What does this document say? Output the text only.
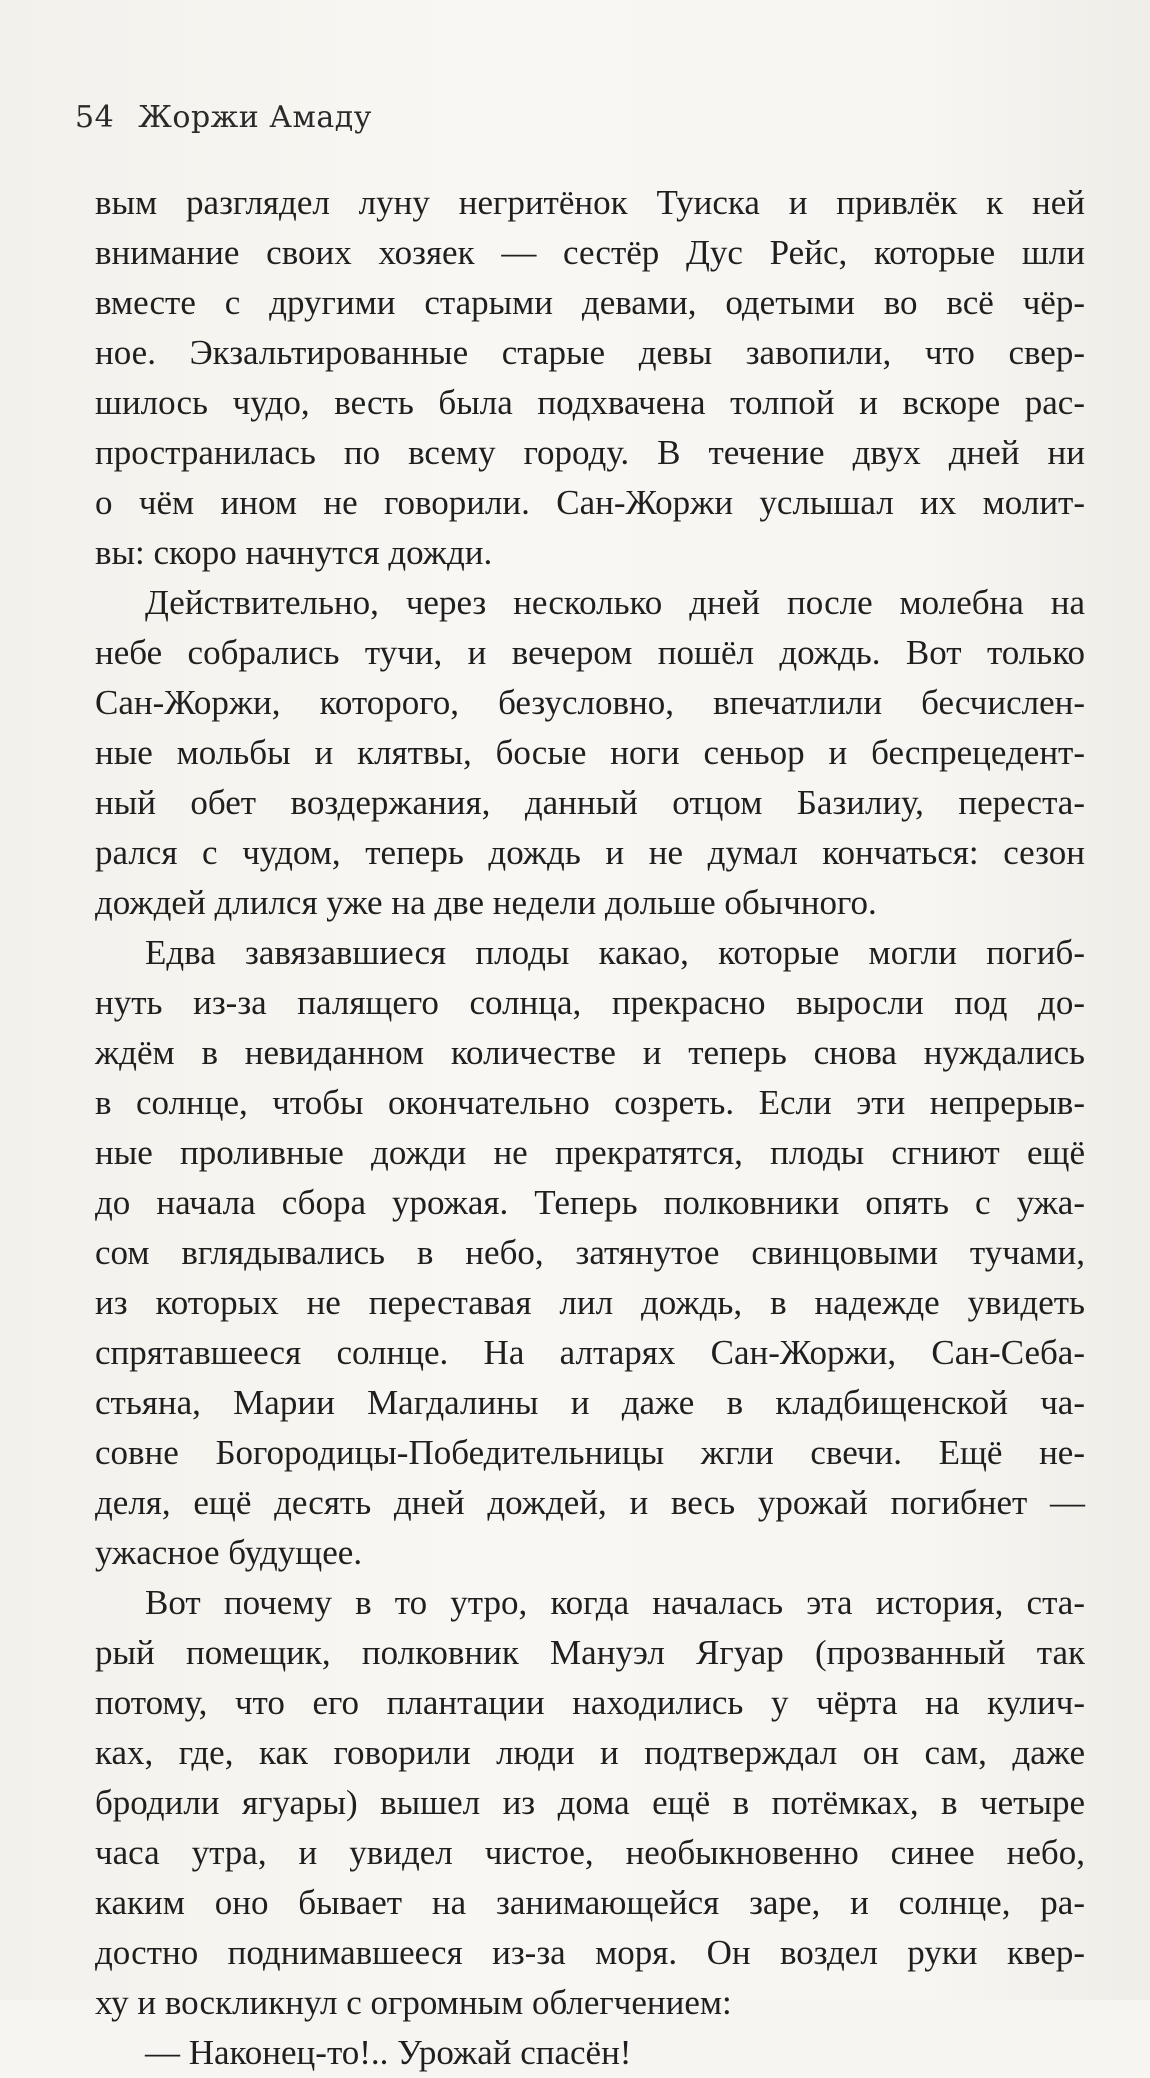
54 Жоржи Амаду
вым разглядел луну негритёнок Туиска и привлёк к ней
внимание своих хозяек — сестёр Дус Рейс, которые шли
вместе с другими старыми девами, одетыми во всё чёр-
ное. Экзальтированные старые девы завопили, что свер-
шилось чудо, весть была подхвачена толпой и вскоре рас-
пространилась по всему городу. В течение двух дней ни
о чём ином не говорили. Сан-Жоржи услышал их молит-
вы: скоро начнутся дожди.
Действительно, через несколько дней после молебна на
небе собрались тучи, и вечером пошёл дождь. Вот только
Сан-Жоржи, которого, безусловно, впечатлили бесчислен-
ные мольбы и клятвы, босые ноги сеньор и беспрецедент-
ный обет воздержания, данный отцом Базилиу, переста-
рался с чудом, теперь дождь и не думал кончаться: сезон
дождей длился уже на две недели дольше обычного.
Едва завязавшиеся плоды какао, которые могли погиб-
нуть из-за палящего солнца, прекрасно выросли под до-
ждём в невиданном количестве и теперь снова нуждались
в солнце, чтобы окончательно созреть. Если эти непрерыв-
ные проливные дожди не прекратятся, плоды сгниют ещё
до начала сбора урожая. Теперь полковники опять с ужа-
сом вглядывались в небо, затянутое свинцовыми тучами,
из которых не переставая лил дождь, в надежде увидеть
спрятавшееся солнце. На алтарях Сан-Жоржи, Сан-Себа-
стьяна, Марии Магдалины и даже в кладбищенской ча-
совне Богородицы-Победительницы жгли свечи. Ещё не-
деля, ещё десять дней дождей, и весь урожай погибнет —
ужасное будущее.
Вот почему в то утро, когда началась эта история, ста-
рый помещик, полковник Мануэл Ягуар (прозванный так
потому, что его плантации находились у чёрта на кулич-
ках, где, как говорили люди и подтверждал он сам, даже
бродили ягуары) вышел из дома ещё в потёмках, в четыре
часа утра, и увидел чистое, необыкновенно синее небо,
каким оно бывает на занимающейся заре, и солнце, ра-
достно поднимавшееся из-за моря. Он воздел руки квер-
ху и воскликнул с огромным облегчением:
— Наконец-то!.. Урожай спасён!
